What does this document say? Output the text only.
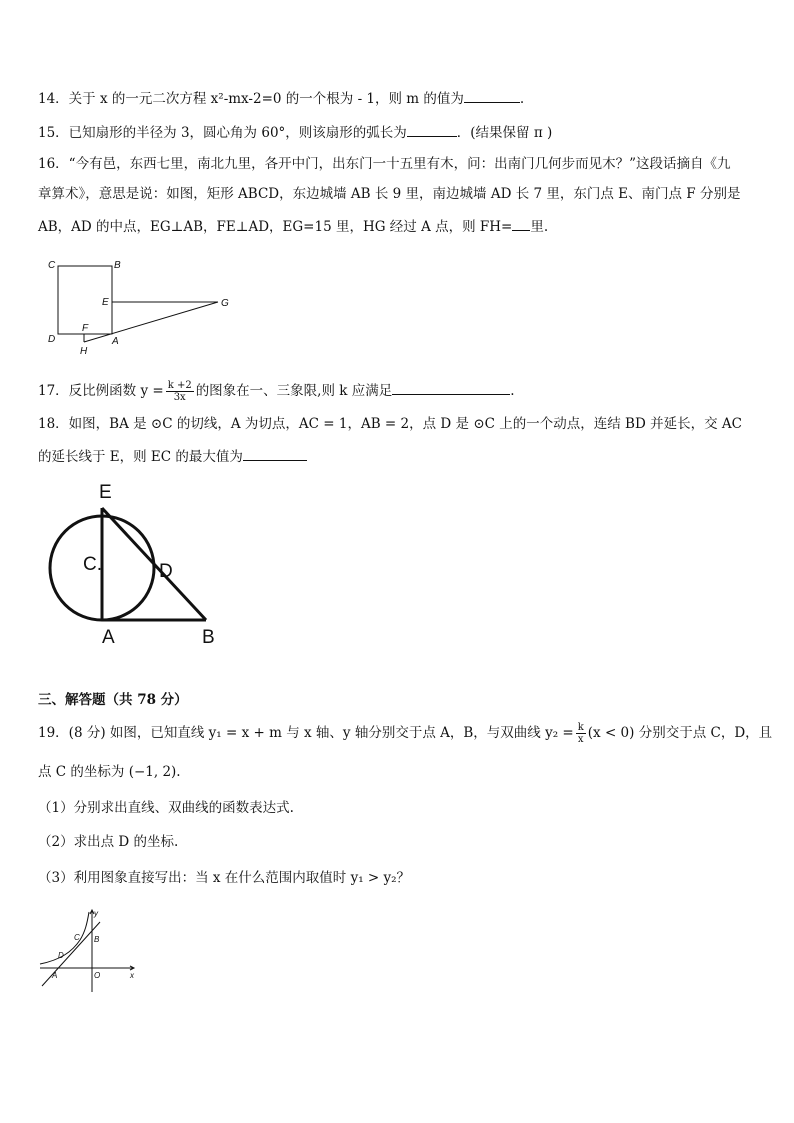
14．关于 x 的一元二次方程 x²-mx-2=0 的一个根为 - 1，则 m 的值为	.
15．已知扇形的半径为 3，圆心角为 60°，则该扇形的弧长为	．(结果保留 π )
16．“今有邑，东西七里，南北九里，各开中门，出东门一十五里有木，问：出南门几何步而见木？”这段话摘自《九
章算术》，意思是说：如图，矩形 ABCD，东边城墙 AB 长 9 里，南边城墙 AD 长 7 里，东门点 E、南门点 F 分别是
AB，AD 的中点，EG⊥AB，FE⊥AD，EG=15 里，HG 经过 A 点，则 FH= 里.
C	B
E	G
D
F
A
H
17．反比例函数 $y = \frac{k +2}{3x}$ 的图象在一、三象限,则 k 应满足	.
18．如图，BA 是 ⊙C 的切线，A 为切点，AC = 1，AB = 2，点 D 是 ⊙C 上的一个动点，连结 BD 并延长，交 AC
的延长线于 E，则 EC 的最大值为
E
C.	D
A	B
三、解答题（共 78 分）
19．(8 分) 如图，已知直线 y₁ = x + m 与 x 轴、y 轴分别交于点 A，B，与双曲线 $y_2 = \frac{k}{x} (x < 0)$ 分别交于点 C，D，且
点 C 的坐标为 (−1, 2).
（1）分别求出直线、双曲线的函数表达式.
（2）求出点 D 的坐标.
（3）利用图象直接写出：当 x 在什么范围内取值时 y₁ > y₂？
y
x
C
D
B
A	O
